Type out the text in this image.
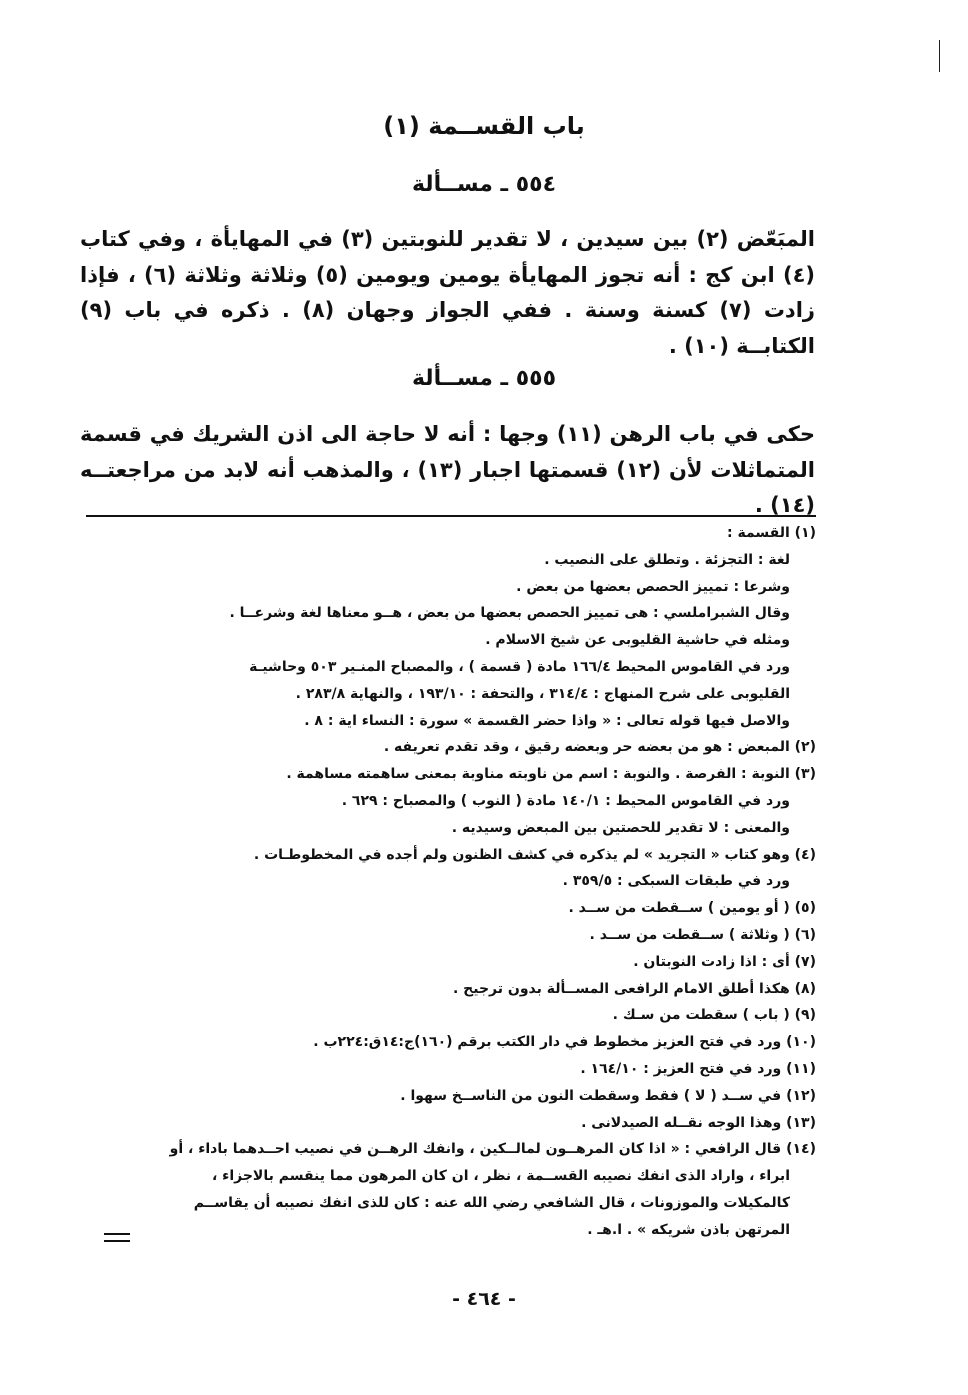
باب القســمة (١)
٥٥٤ ـ مســألة

المبَعّض (٢) بين سيدين ، لا تقدير للنوبتين (٣) في المهايأة ، وفي كتاب (٤) ابن كج : أنه تجوز المهايأة يومين ويومين (٥) وثلاثة وثلاثة (٦) ، فإذا زادت (٧) كسنة وسنة . ففي الجواز وجهان (٨) . ذكره في باب (٩) الكتابــة (١٠) .

٥٥٥ ـ مســألة

حكى في باب الرهن (١١) وجها : أنه لا حاجة الى اذن الشريك في قسمة المتماثلات لأن (١٢) قسمتها اجبار (١٣) ، والمذهب أنه لابد من مراجعتــه (١٤) .

(١) القسمة :
لغة : التجزئة . وتطلق على النصيب .
وشرعا : تمييز الحصص بعضها من بعض .
وقال الشبراملسي : هى تمييز الحصص بعضها من بعض ، هــو معناها لغة وشرعــا .
ومثله في حاشية القليوبى عن شيخ الاسلام .
ورد في القاموس المحيط ١٦٦/٤ مادة ( قسمة ) ، والمصباح المنـير ٥٠٣ وحاشيـة
القليوبى على شرح المنهاج : ٣١٤/٤ ، والتحفة : ١٩٣/١٠ ، والنهاية ٢٨٣/٨ .
والاصل فيها قوله تعالى : « واذا حضر القسمة » سورة : النساء اية : ٨ .
(٢) المبعض : هو من بعضه حر وبعضه رقيق ، وقد تقدم تعريفه .
(٣) النوبة : الفرصة . والنوبة : اسم من ناوبته مناوبة بمعنى ساهمته مساهمة .
ورد في القاموس المحيط : ١٤٠/١ مادة ( النوب ) والمصباح : ٦٢٩ .
والمعنى : لا تقدير للحصتين بين المبعض وسيديه .
(٤) وهو كتاب « التجريد » لم يذكره في كشف الظنون ولم أجده في المخطوطـات .
ورد في طبقات السبكى : ٣٥٩/٥ .
(٥) ( أو يومين ) ســقطت من ســد .
(٦) ( وثلاثة ) ســقطت من ســد .
(٧) أى : اذا زادت النوبتان .
(٨) هكذا أطلق الامام الرافعى المســألة بدون ترجيح .
(٩) ( باب ) سقطت من سـك .
(١٠) ورد في فتح العزيز مخطوط في دار الكتب برقم (١٦٠)ج:١٤ق:٢٢٤ب .
(١١) ورد في فتح العزيز : ١٦٤/١٠ .
(١٢) في ســد ( لا ) فقط وسقطت النون من الناســخ سهوا .
(١٣) وهذا الوجه نقــله الصيدلانى .
(١٤) قال الرافعي : « اذا كان المرهــون لمالــكين ، وانفك الرهــن في نصيب احــدهما باداء ، أو
ابراء ، واراد الذى انفك نصيبه القســمة ، نظر ، ان كان المرهون مما ينقسم بالاجزاء ،
كالمكيلات والموزونات ، قال الشافعي رضي الله عنه : كان للذى انفك نصيبه أن يقاســم
المرتهن باذن شريكه » . ا.هـ .
- ٤٦٤ -
